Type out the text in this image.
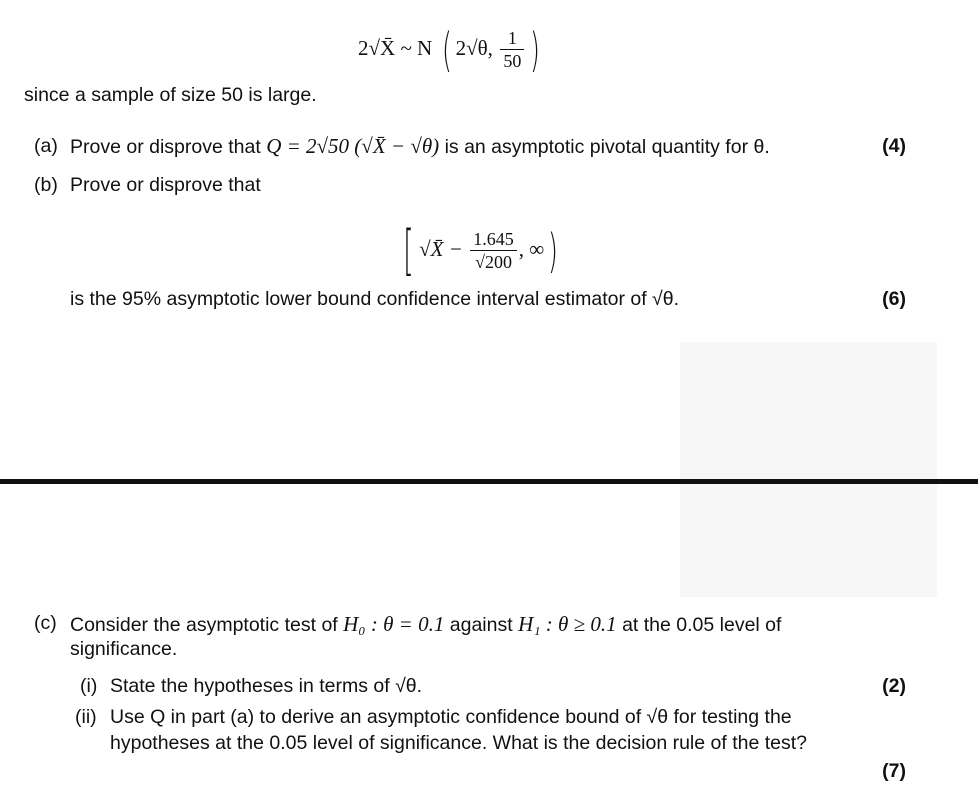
2√X̄ ~ N ( 2√θ, $\frac{1}{50}$ )
since a sample of size 50 is large.
(a) Prove or disprove that Q = 2√50 (√X̄ − √θ) is an asymptotic pivotal quantity for θ.	(4)
(b) Prove or disprove that
[ √X̄ − $\frac{1.645}{√200}$ , ∞)
is the 95% asymptotic lower bound confidence interval estimator of √θ.	(6)
(c) Consider the asymptotic test of H₀ : θ = 0.1 against H₁ : θ ≥ 0.1 at the 0.05 level of
significance.
(i) State the hypotheses in terms of √θ.	(2)
(ii) Use Q in part (a) to derive an asymptotic confidence bound of √θ for testing the
hypotheses at the 0.05 level of significance. What is the decision rule of the test?
(7)
